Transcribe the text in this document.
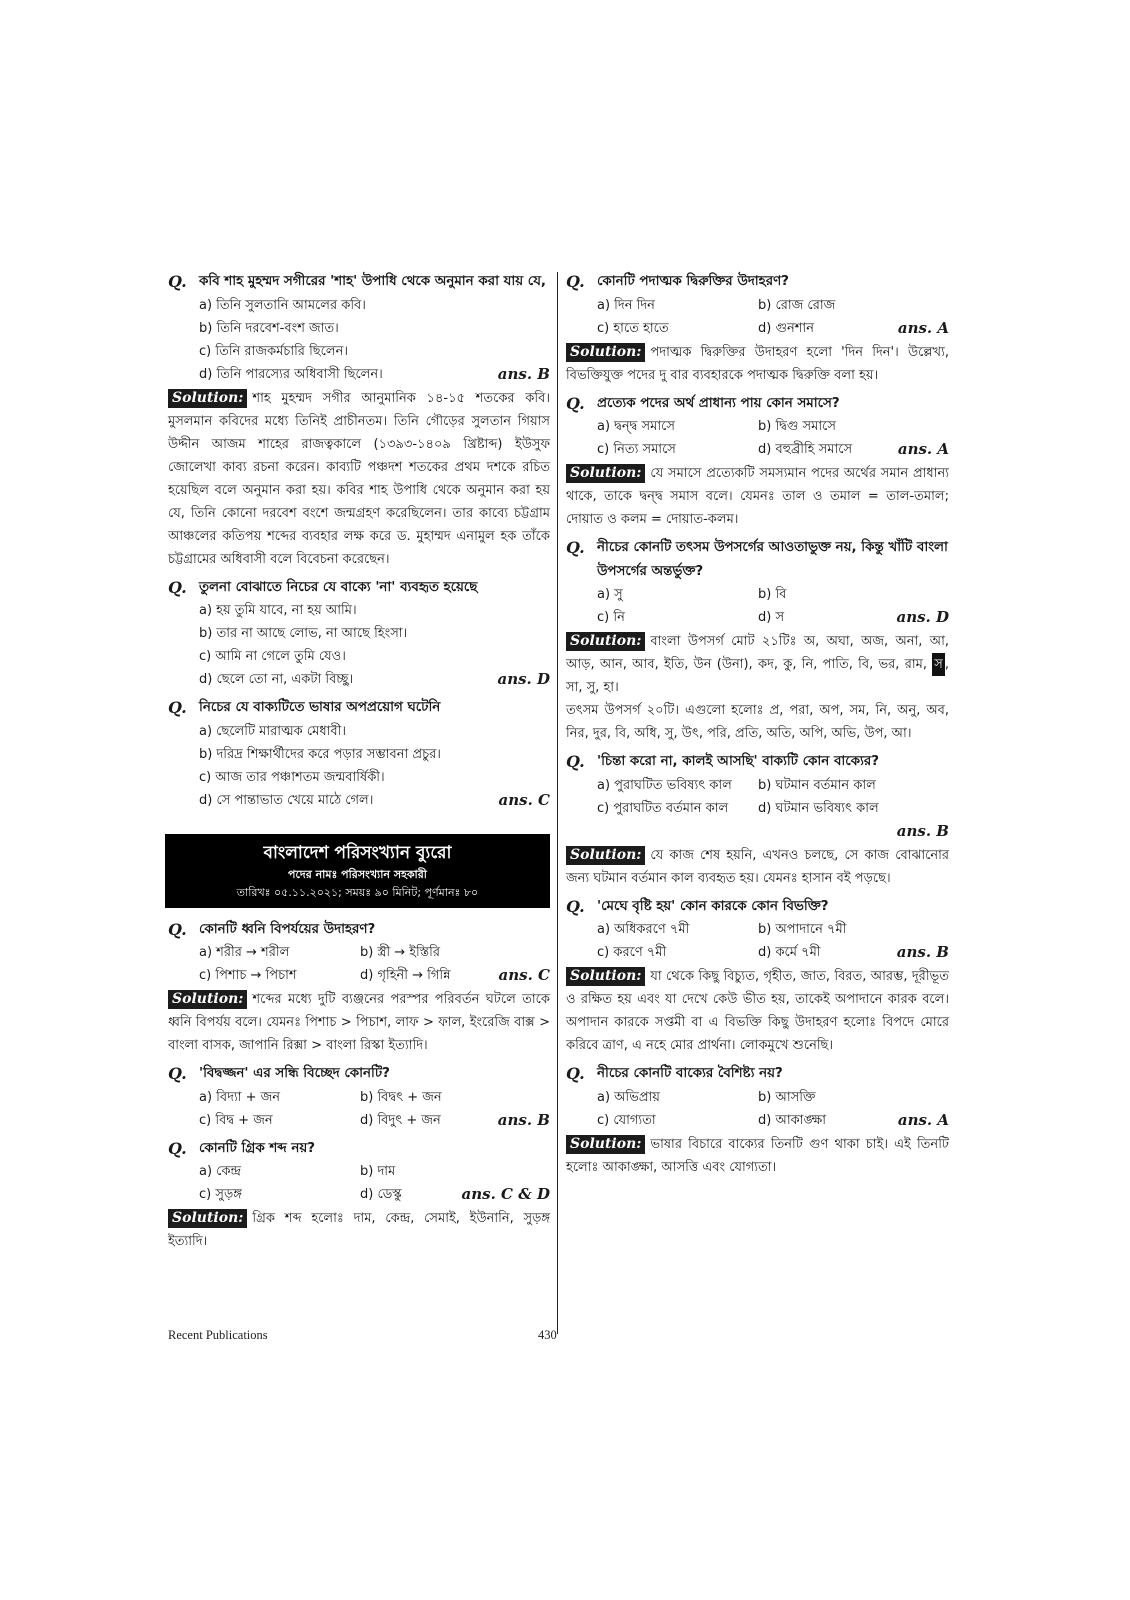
Q. কবি শাহ মুহম্মদ সগীরের 'শাহ' উপাধি থেকে অনুমান করা যায় যে,
a) তিনি সুলতানি আমলের কবি।
b) তিনি দরবেশ-বংশ জাত।
c) তিনি রাজকর্মচারি ছিলেন।
d) তিনি পারস্যের অধিবাসী ছিলেন।	ans. B
Solution: শাহ মুহম্মদ সগীর আনুমানিক ১৪-১৫ শতকের কবি। মুসলমান কবিদের মধ্যে তিনিই প্রাচীনতম। তিনি গৌড়ের সুলতান গিয়াস উদ্দীন আজম শাহের রাজত্বকালে (১৩৯৩-১৪০৯ খ্রিষ্টাব্দ) ইউসুফ জোলেখা কাব্য রচনা করেন। কাব্যটি পঞ্চদশ শতকের প্রথম দশকে রচিত হয়েছিল বলে অনুমান করা হয়। কবির শাহ উপাধি থেকে অনুমান করা হয় যে, তিনি কোনো দরবেশ বংশে জন্মগ্রহণ করেছিলেন। তার কাব্যে চট্টগ্রাম আঞ্চলের কতিপয় শব্দের ব্যবহার লক্ষ করে ড. মুহাম্মদ এনামুল হক তাঁকে চট্টগ্রামের অধিবাসী বলে বিবেচনা করেছেন।
Q. তুলনা বোঝাতে নিচের যে বাক্যে 'না' ব্যবহৃত হয়েছে
a) হয় তুমি যাবে, না হয় আমি।
b) তার না আছে লোভ, না আছে হিংসা।
c) আমি না গেলে তুমি যেও।
d) ছেলে তো না, একটা বিচ্ছু।	ans. D
Q. নিচের যে বাক্যটিতে ভাষার অপপ্রয়োগ ঘটেনি
a) ছেলেটি মারাত্মক মেধাবী।
b) দরিদ্র শিক্ষার্থীদের করে পড়ার সম্ভাবনা প্রচুর।
c) আজ তার পঞ্চাশতম জন্মবার্ষিকী।
d) সে পান্তাভাত খেয়ে মাঠে গেল।	ans. C
বাংলাদেশ পরিসংখ্যান ব্যুরো
পদের নামঃ পরিসংখ্যান সহকারী
তারিখঃ ০৫.১১.২০২১; সময়ঃ ৯০ মিনিট; পূর্ণমানঃ ৮০
Q. কোনটি ধ্বনি বিপর্যয়ের উদাহরণ?
a) শরীর → শরীল	b) স্ত্রী → ইস্তিরি
c) পিশাচ → পিচাশ	d) গৃহিনী → গিন্নি	ans. C
Solution: শব্দের মধ্যে দুটি ব্যঞ্জনের পরস্পর পরিবর্তন ঘটলে তাকে ধ্বনি বিপর্যয় বলে। যেমনঃ পিশাচ > পিচাশ, লাফ > ফাল, ইংরেজি বাক্স > বাংলা বাসক, জাপানি রিক্সা > বাংলা রিস্কা ইত্যাদি।
Q. 'বিদ্বজ্জন' এর সন্ধি বিচ্ছেদ কোনটি?
a) বিদ্যা + জন	b) বিদ্বৎ + জন
c) বিদ্ব + জন	d) বিদুৎ + জন	ans. B
Q. কোনটি গ্রিক শব্দ নয়?
a) কেন্দ্র	b) দাম
c) সুড়ঙ্গ	d) ডেস্কু	ans. C & D
Solution: গ্রিক শব্দ হলোঃ দাম, কেন্দ্র, সেমাই, ইউনানি, সুড়ঙ্গ ইত্যাদি।
Q. কোনটি পদাত্মক দ্বিরুক্তির উদাহরণ?
a) দিন দিন	b) রোজ রোজ
c) হাতে হাতে	d) গুনশান	ans. A
Solution: পদাত্মক দ্বিরুক্তির উদাহরণ হলো 'দিন দিন'। উল্লেখ্য, বিভক্তিযুক্ত পদের দু বার ব্যবহারকে পদাত্মক দ্বিরুক্তি বলা হয়।
Q. প্রত্যেক পদের অর্থ প্রাধান্য পায় কোন সমাসে?
a) দ্বন্দ্ব সমাসে	b) দ্বিগু সমাসে
c) নিত্য সমাসে	d) বহুব্রীহি সমাসে	ans. A
Solution: যে সমাসে প্রত্যেকটি সমস্যমান পদের অর্থের সমান প্রাধান্য থাকে, তাকে দ্বন্দ্ব সমাস বলে। যেমনঃ তাল ও তমাল = তাল-তমাল; দোয়াত ও কলম = দোয়াত-কলম।
Q. নীচের কোনটি তৎসম উপসর্গের আওতাভুক্ত নয়, কিন্তু খাঁটি বাংলা উপসর্গের অন্তর্ভুক্ত?
a) সু	b) বি
c) নি	d) স	ans. D
Solution: বাংলা উপসর্গ মোট ২১টিঃ অ, অঘা, অজ, অনা, আ, আড়, আন, আব, ইতি, উন (উনা), কদ, কু, নি, পাতি, বি, ভর, রাম, স , সা, সু, হা।
তৎসম উপসর্গ ২০টি। এগুলো হলোঃ প্র, পরা, অপ, সম, নি, অনু, অব, নির, দুর, বি, অধি, সু, উৎ, পরি, প্রতি, অতি, অপি, অভি, উপ, আ।
Q. 'চিন্তা করো না, কালই আসছি' বাক্যটি কোন বাক্যের?
a) পুরাঘটিত ভবিষ্যৎ কাল b) ঘটমান বর্তমান কাল
c) পুরাঘটিত বর্তমান কাল d) ঘটমান ভবিষ্যৎ কাল
ans. B
Solution: যে কাজ শেষ হয়নি, এখনও চলছে, সে কাজ বোঝানোর জন্য ঘটমান বর্তমান কাল ব্যবহৃত হয়। যেমনঃ হাসান বই পড়ছে।
Q. 'মেঘে বৃষ্টি হয়' কোন কারকে কোন বিভক্তি?
a) অধিকরণে ৭মী	b) অপাদানে ৭মী
c) করণে ৭মী	d) কর্মে ৭মী	ans. B
Solution: যা থেকে কিছু বিচ্যুত, গৃহীত, জাত, বিরত, আরম্ভ, দূরীভূত ও রক্ষিত হয় এবং যা দেখে কেউ ভীত হয়, তাকেই অপাদানে কারক বলে। অপাদান কারকে সপ্তমী বা এ বিভক্তি কিছু উদাহরণ হলোঃ বিপদে মোরে করিবে ত্রাণ, এ নহে মোর প্রার্থনা। লোকমুখে শুনেছি।
Q. নীচের কোনটি বাক্যের বৈশিষ্ট্য নয়?
a) অভিপ্রায়	b) আসক্তি
c) যোগ্যতা	d) আকাঙ্ক্ষা	ans. A
Solution: ভাষার বিচারে বাক্যের তিনটি গুণ থাকা চাই। এই তিনটি হলোঃ আকাঙ্ক্ষা, আসত্তি এবং যোগ্যতা।
Recent Publications	430
